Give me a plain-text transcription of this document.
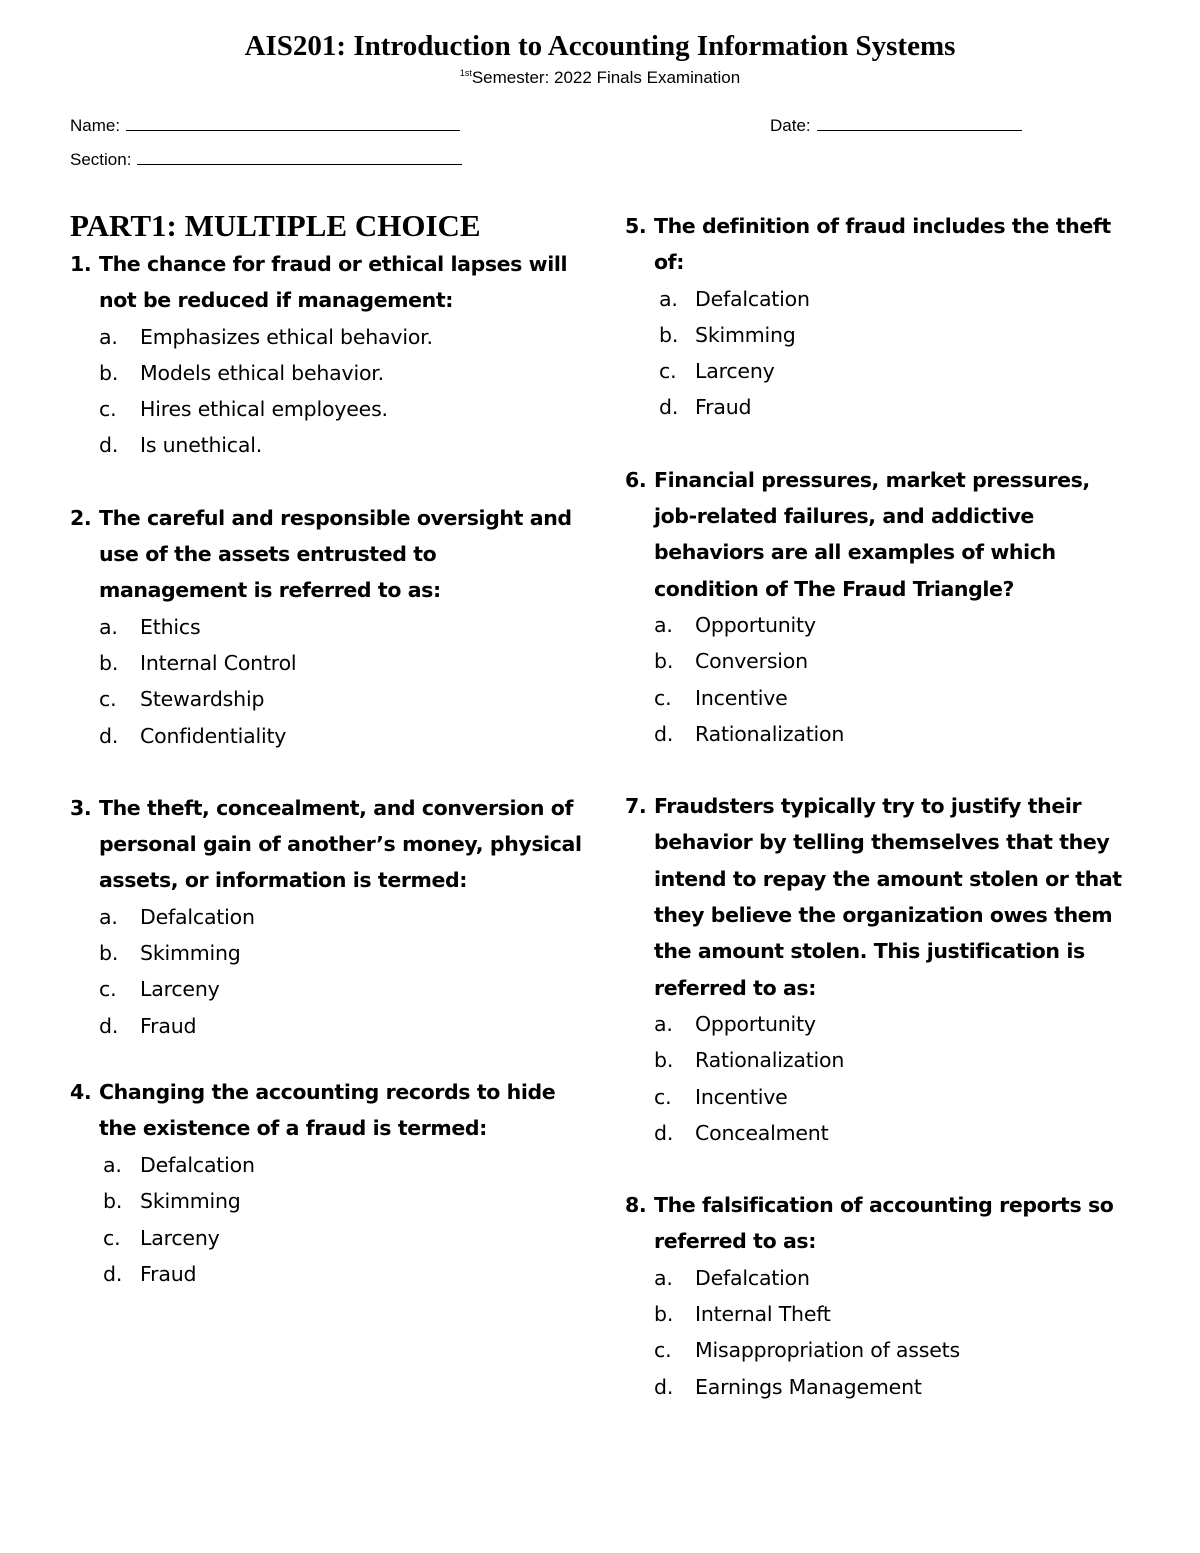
AIS201: Introduction to Accounting Information Systems
$^{1st}$Semester: 2022 Finals Examination
Name:	Date:
Section:
PART1: MULTIPLE CHOICE
1. The chance for fraud or ethical lapses will not be reduced if management:
a. Emphasizes ethical behavior.
b. Models ethical behavior.
c. Hires ethical employees.
d. Is unethical.
2. The careful and responsible oversight and use of the assets entrusted to management is referred to as:
a. Ethics
b. Internal Control
c. Stewardship
d. Confidentiality
3. The theft, concealment, and conversion of personal gain of another’s money, physical assets, or information is termed:
a. Defalcation
b. Skimming
c. Larceny
d. Fraud
4. Changing the accounting records to hide the existence of a fraud is termed:
a. Defalcation
b. Skimming
c. Larceny
d. Fraud
5. The definition of fraud includes the theft of:
a. Defalcation
b. Skimming
c. Larceny
d. Fraud
6. Financial pressures, market pressures, job-related failures, and addictive behaviors are all examples of which condition of The Fraud Triangle?
a. Opportunity
b. Conversion
c. Incentive
d. Rationalization
7. Fraudsters typically try to justify their behavior by telling themselves that they intend to repay the amount stolen or that they believe the organization owes them the amount stolen. This justification is referred to as:
a. Opportunity
b. Rationalization
c. Incentive
d. Concealment
8. The falsification of accounting reports so referred to as:
a. Defalcation
b. Internal Theft
c. Misappropriation of assets
d. Earnings Management
